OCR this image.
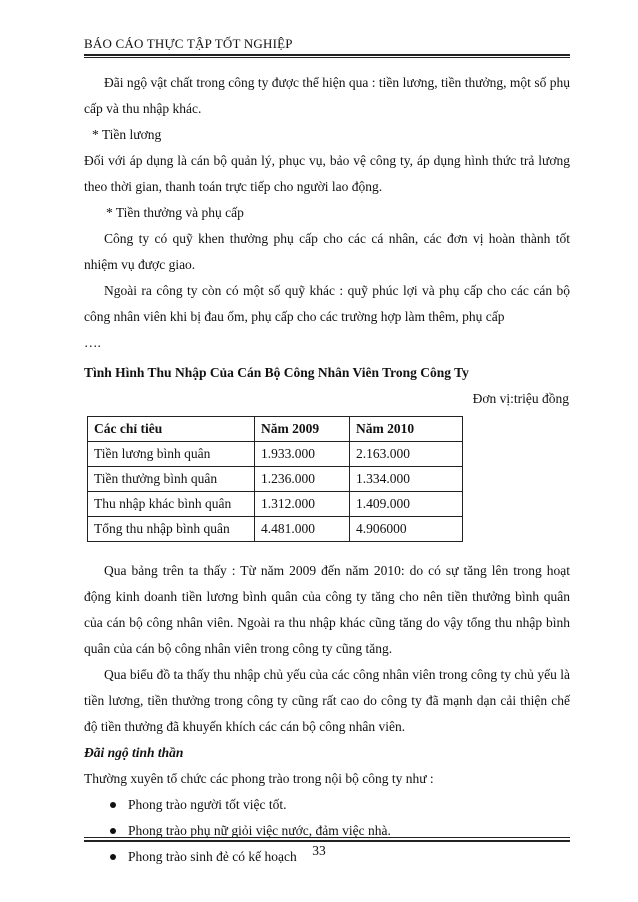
BÁO CÁO THỰC TẬP TỐT NGHIỆP

Đãi ngộ vật chất trong công ty được thể hiện qua : tiền lương, tiền thưởng, một số phụ cấp và thu nhập khác.

* Tiền lương

Đối với áp dụng là cán bộ quản lý, phục vụ, bảo vệ công ty, áp dụng hình thức trả lương theo thời gian, thanh toán trực tiếp cho người lao động.

* Tiền thưởng và phụ cấp

Công ty có quỹ khen thưởng phụ cấp cho các cá nhân, các đơn vị hoàn thành tốt nhiệm vụ được giao.

Ngoài ra công ty còn có một số quỹ khác : quỹ phúc lợi và phụ cấp cho các cán bộ công nhân viên khi bị đau ốm, phụ cấp cho các trường hợp làm thêm, phụ cấp

….

Tình Hình Thu Nhập Của Cán Bộ Công Nhân Viên Trong Công Ty

Đơn vị:triệu đồng

Các chỉ tiêu	Năm 2009	Năm 2010
Tiền lương bình quân	1.933.000	2.163.000
Tiền thưởng bình quân	1.236.000	1.334.000
Thu nhập khác bình quân	1.312.000	1.409.000
Tổng thu nhập bình quân	4.481.000	4.906000

Qua bảng trên ta thấy : Từ năm 2009 đến năm 2010: do có sự tăng lên trong hoạt động kinh doanh tiền lương bình quân của công ty tăng cho nên tiền thưởng bình quân của cán bộ công nhân viên. Ngoài ra thu nhập khác cũng tăng do vậy tổng thu nhập bình quân của cán bộ công nhân viên trong công ty cũng tăng.

Qua biểu đồ ta thấy thu nhập chủ yếu của các công nhân viên trong công ty chủ yếu là tiền lương, tiền thưởng trong công ty cũng rất cao do công ty đã mạnh dạn cải thiện chế độ tiền thưởng đã khuyến khích các cán bộ công nhân viên.

Đãi ngộ tinh thần

Thường xuyên tổ chức các phong trào trong nội bộ công ty như :

Phong trào người tốt việc tốt.
Phong trào phụ nữ giỏi việc nước, đảm việc nhà.
Phong trào sinh đẻ có kế hoạch	33
